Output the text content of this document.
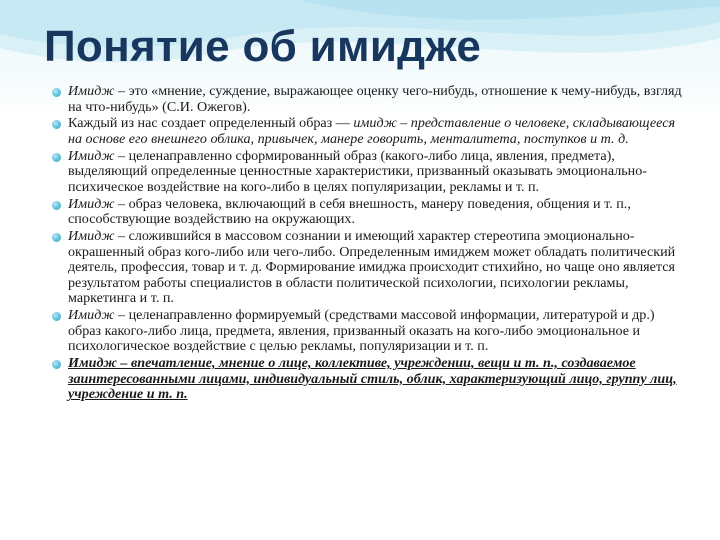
Понятие об имидже
Имидж – это «мнение, суждение, выражающее оценку чего-нибудь, отношение к чему-нибудь, взгляд на что-нибудь» (С.И. Ожегов).
Каждый из нас создает определенный образ — имидж – представление о человеке, складывающееся на основе его внешнего облика, привычек, манере говорить, менталитета, поступков и т. д.
Имидж – целенаправленно сформированный образ (какого-либо лица, явления, предмета), выделяющий определенные ценностные характеристики, призванный оказывать эмоционально-психическое воздействие на кого-либо в целях популяризации, рекламы и т. п.
Имидж – образ человека, включающий в себя внешность, манеру поведения, общения и т. п., способствующие воздействию на окружающих.
Имидж – сложившийся в массовом сознании и имеющий характер стереотипа эмоционально-окрашенный образ кого-либо или чего-либо. Определенным имиджем может обладать политический деятель, профессия, товар и т. д. Формирование имиджа происходит стихийно, но чаще оно является результатом работы специалистов в области политической психологии, психологии рекламы, маркетинга и т. п.
Имидж – целенаправленно формируемый (средствами массовой информации, литературой и др.) образ какого-либо лица, предмета, явления, призванный оказать на кого-либо эмоциональное и психологическое воздействие с целью рекламы, популяризации и т. п.
Имидж – впечатление, мнение о лице, коллективе, учреждении, вещи и т. п., создаваемое заинтересованными лицами, индивидуальный стиль, облик, характеризующий лицо, группу лиц, учреждение и т. п.
